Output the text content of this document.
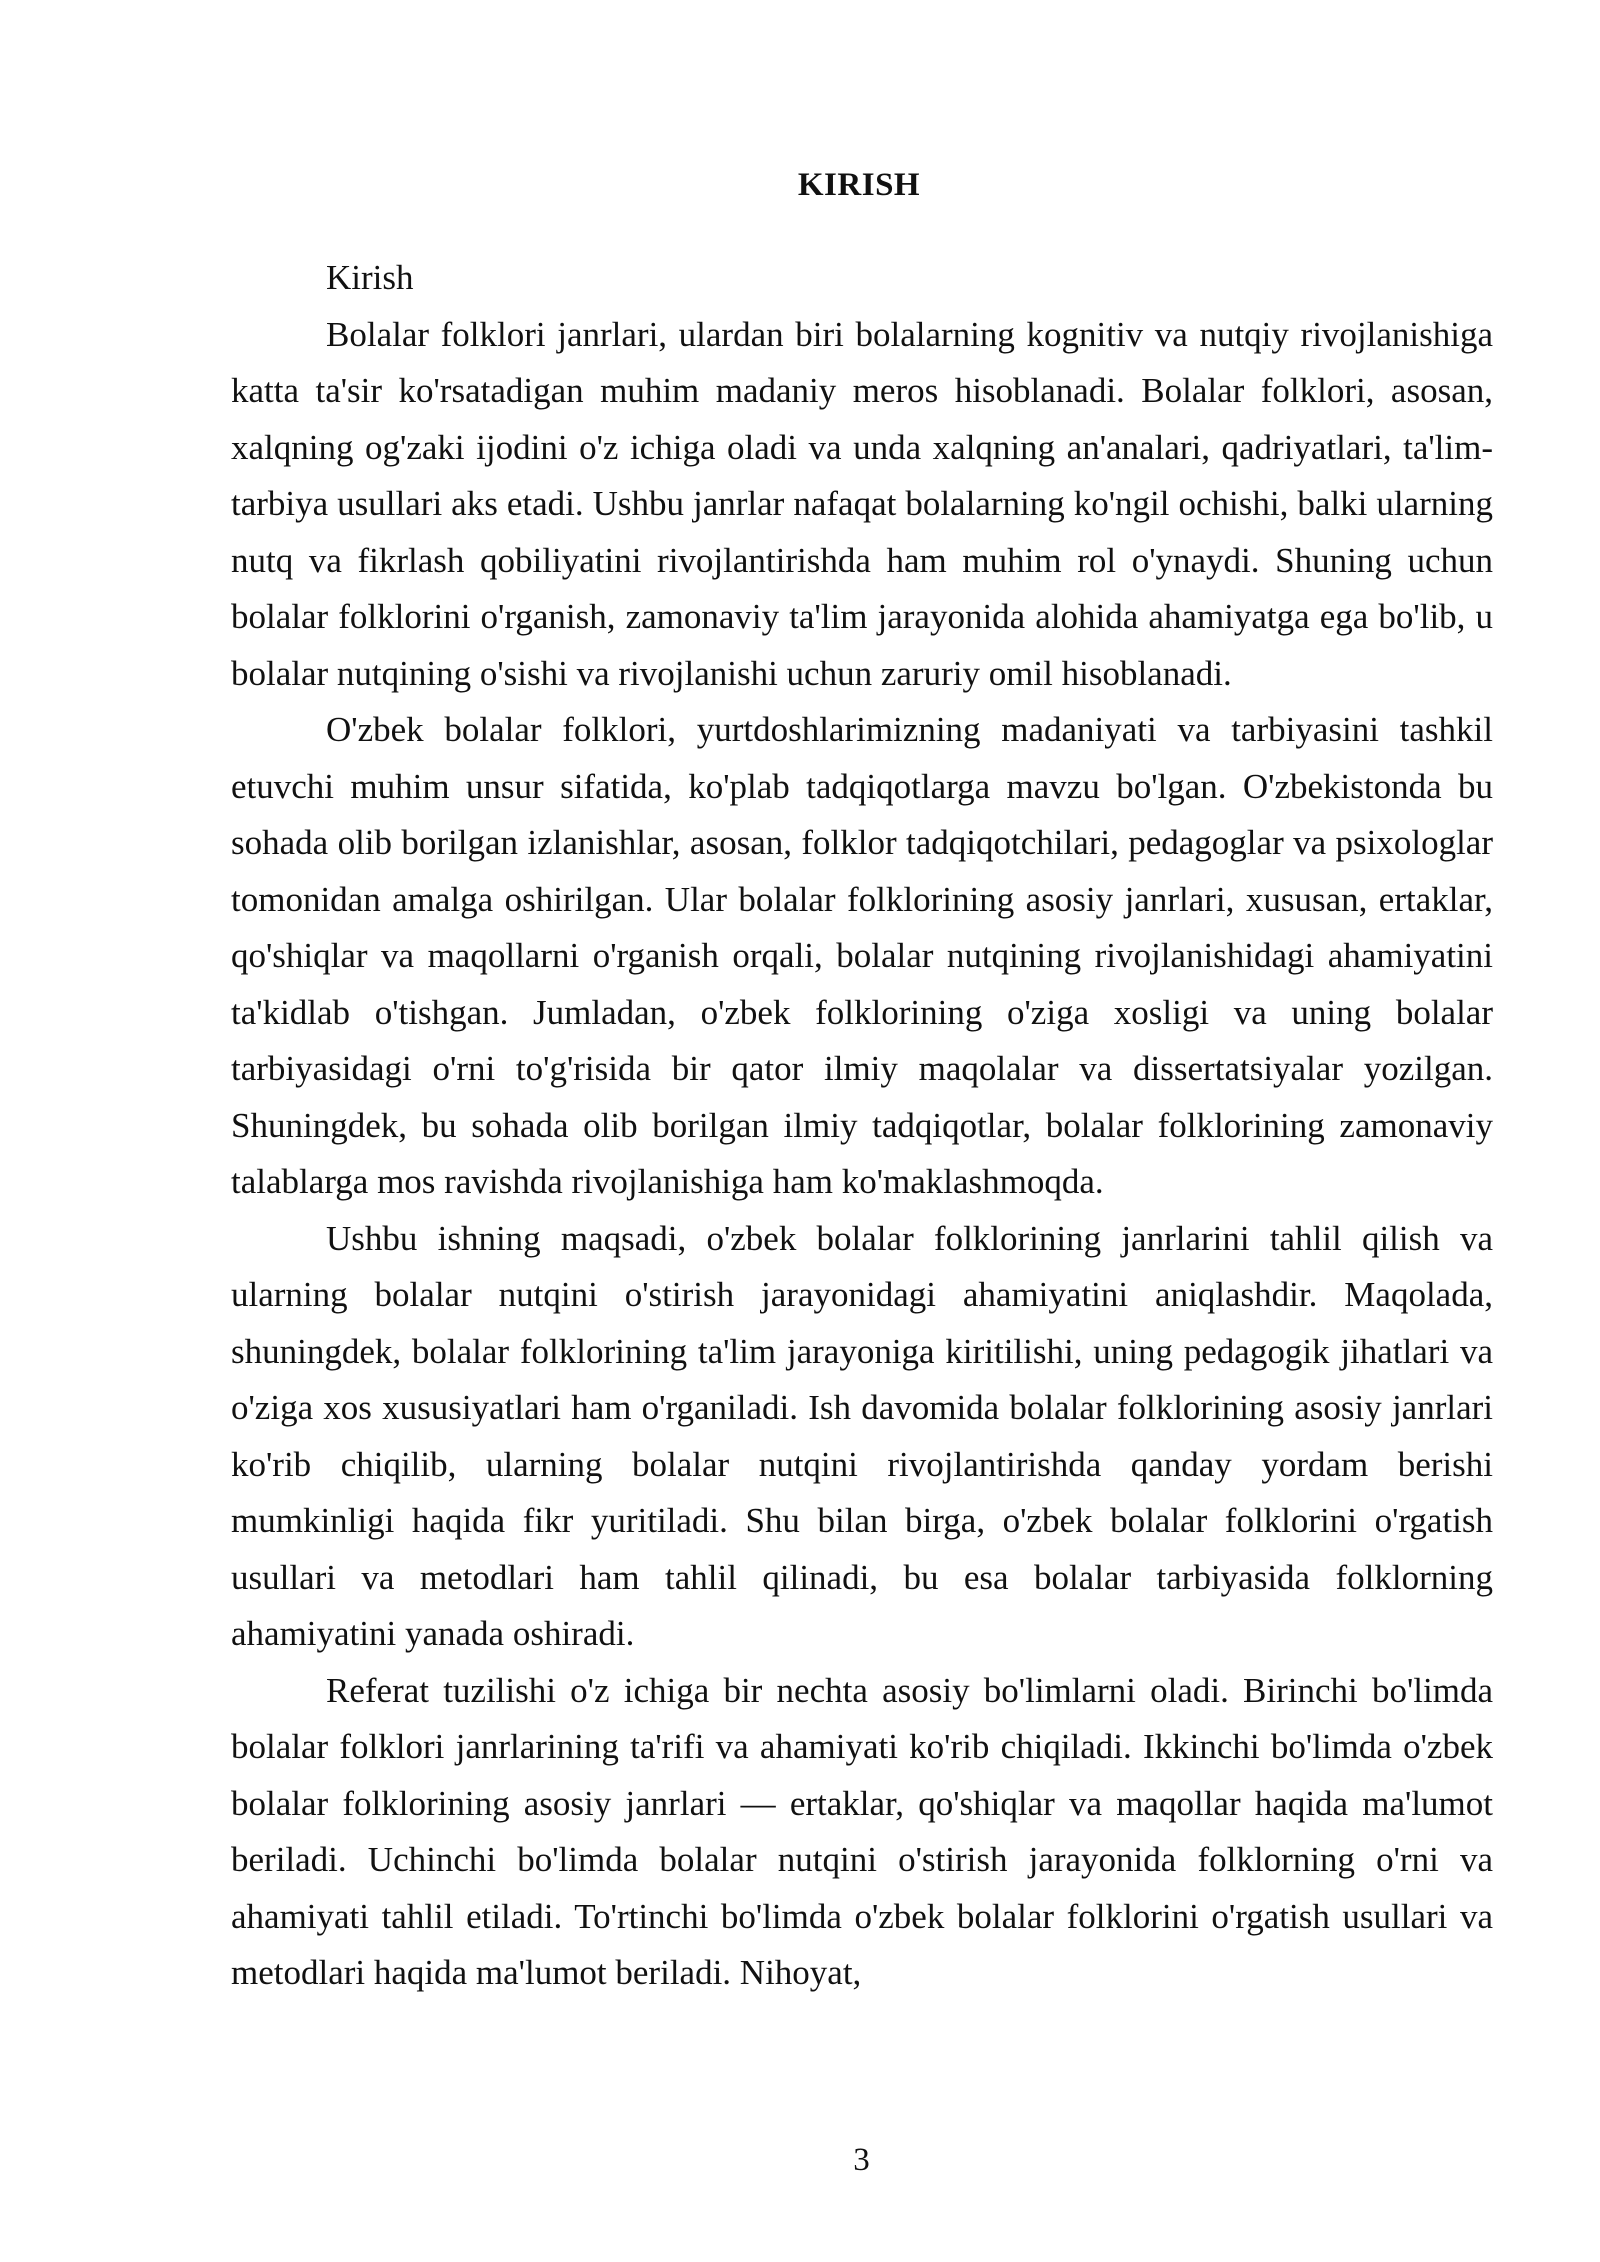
KIRISH

Kirish

Bolalar folklori janrlari, ulardan biri bolalarning kognitiv va nutqiy rivojlanishiga katta ta'sir ko'rsatadigan muhim madaniy meros hisoblanadi. Bolalar folklori, asosan, xalqning og'zaki ijodini o'z ichiga oladi va unda xalqning an'analari, qadriyatlari, ta'lim-tarbiya usullari aks etadi. Ushbu janrlar nafaqat bolalarning ko'ngil ochishi, balki ularning nutq va fikrlash qobiliyatini rivojlantirishda ham muhim rol o'ynaydi. Shuning uchun bolalar folklorini o'rganish, zamonaviy ta'lim jarayonida alohida ahamiyatga ega bo'lib, u bolalar nutqining o'sishi va rivojlanishi uchun zaruriy omil hisoblanadi.

O'zbek bolalar folklori, yurtdoshlarimizning madaniyati va tarbiyasini tashkil etuvchi muhim unsur sifatida, ko'plab tadqiqotlarga mavzu bo'lgan. O'zbekistonda bu sohada olib borilgan izlanishlar, asosan, folklor tadqiqotchilari, pedagoglar va psixologlar tomonidan amalga oshirilgan. Ular bolalar folklorining asosiy janrlari, xususan, ertaklar, qo'shiqlar va maqollarni o'rganish orqali, bolalar nutqining rivojlanishidagi ahamiyatini ta'kidlab o'tishgan. Jumladan, o'zbek folklorining o'ziga xosligi va uning bolalar tarbiyasidagi o'rni to'g'risida bir qator ilmiy maqolalar va dissertatsiyalar yozilgan. Shuningdek, bu sohada olib borilgan ilmiy tadqiqotlar, bolalar folklorining zamonaviy talablarga mos ravishda rivojlanishiga ham ko'maklashmoqda.

Ushbu ishning maqsadi, o'zbek bolalar folklorining janrlarini tahlil qilish va ularning bolalar nutqini o'stirish jarayonidagi ahamiyatini aniqlashdir. Maqolada, shuningdek, bolalar folklorining ta'lim jarayoniga kiritilishi, uning pedagogik jihatlari va o'ziga xos xususiyatlari ham o'rganiladi. Ish davomida bolalar folklorining asosiy janrlari ko'rib chiqilib, ularning bolalar nutqini rivojlantirishda qanday yordam berishi mumkinligi haqida fikr yuritiladi. Shu bilan birga, o'zbek bolalar folklorini o'rgatish usullari va metodlari ham tahlil qilinadi, bu esa bolalar tarbiyasida folklorning ahamiyatini yanada oshiradi.

Referat tuzilishi o'z ichiga bir nechta asosiy bo'limlarni oladi. Birinchi bo'limda bolalar folklori janrlarining ta'rifi va ahamiyati ko'rib chiqiladi. Ikkinchi bo'limda o'zbek bolalar folklorining asosiy janrlari — ertaklar, qo'shiqlar va maqollar haqida ma'lumot beriladi. Uchinchi bo'limda bolalar nutqini o'stirish jarayonida folklorning o'rni va ahamiyati tahlil etiladi. To'rtinchi bo'limda o'zbek bolalar folklorini o'rgatish usullari va metodlari haqida ma'lumot beriladi. Nihoyat,

3
